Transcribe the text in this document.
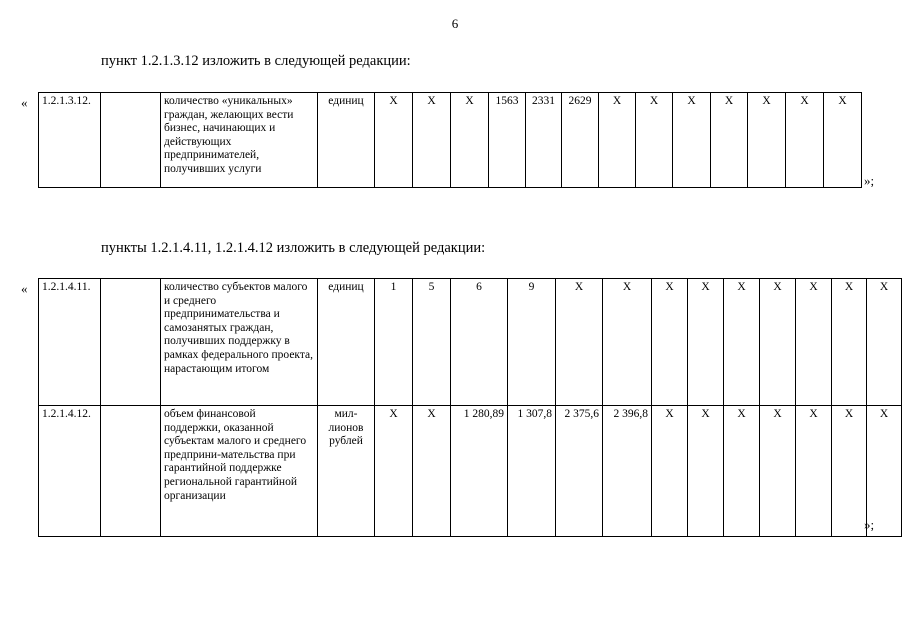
6
пункт 1.2.1.3.12 изложить в следующей редакции:
«
»;
1.2.1.3.12.		количество «уникальных» граждан, желающих вести бизнес, начинающих и действующих предпринимателей, получивших услуги	единиц	Х	Х	Х	1563	2331	2629	Х	Х	Х	Х	Х	Х	Х
пункты 1.2.1.4.11, 1.2.1.4.12 изложить в следующей редакции:
«
»;
1.2.1.4.11.		количество субъектов малого и среднего предпринимательства и самозанятых граждан, получивших поддержку в рамках федерального проекта, нарастающим итогом	единиц	1	5	6	9	Х	Х	Х	Х	Х	Х	Х	Х	Х
1.2.1.4.12.		объем финансовой поддержки, оказанной субъектам малого и среднего предприни-мательства при гарантийной поддержке региональной гарантийной организации	мил-лионов рублей	Х	Х	1 280,89	1 307,8	2 375,6	2 396,8	Х	Х	Х	Х	Х	Х	Х
